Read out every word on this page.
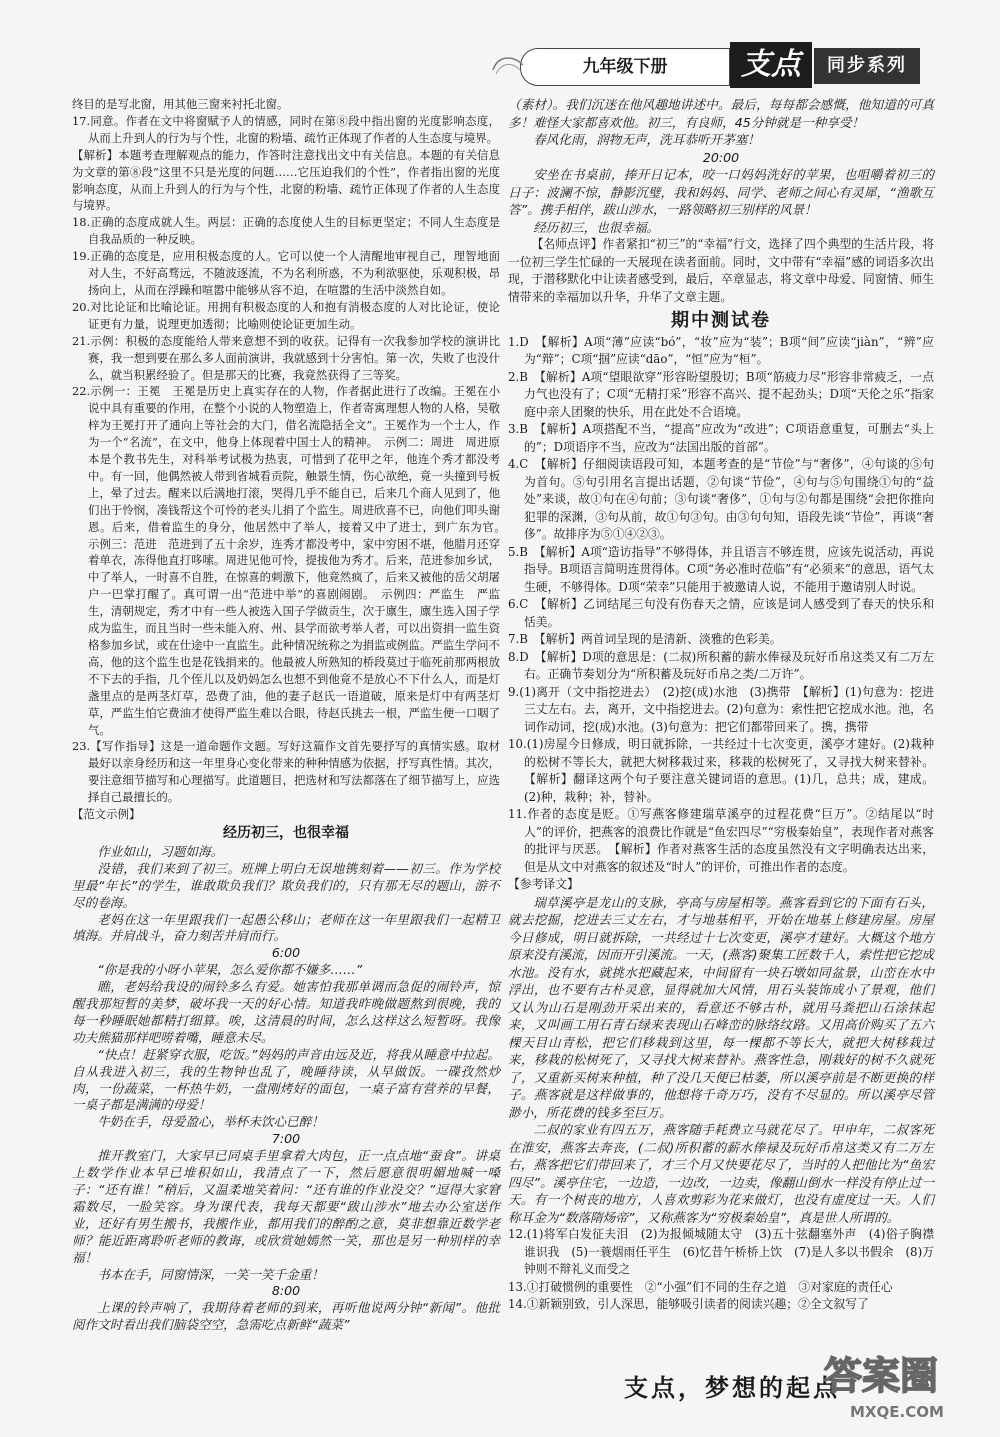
九年级下册	支点	同步系列

终目的是写北窗，用其他三窗来衬托北窗。

17.同意。作者在文中将窗赋予人的情感，同时在第⑧段中指出窗的光度影响态度，从而上升到人的行为与个性，北窗的粉墙、疏竹正体现了作者的人生态度与境界。

【解析】本题考查理解观点的能力，作答时注意找出文中有关信息。本题的有关信息为文章的第⑧段“这里不只是光度的问题……它压迫我们的个性”，作者指出窗的光度影响态度，从而上升到人的行为与个性，北窗的粉墙、疏竹正体现了作者的人生态度与境界。

18.正确的态度成就人生。两层：正确的态度使人生的目标更坚定；不同人生态度是自我品质的一种反映。

19.正确的态度是，应用积极态度的人。它可以使一个人清醒地审视自己，理智地面对人生，不好高骛远，不随波逐流，不为名利所惑，不为利欲驱使，乐观积极，昂扬向上，从而在浮躁和喧嚣中能够从容不迫，在喧嚣的生活中淡然自如。

20.对比论证和比喻论证。用拥有积极态度的人和抱有消极态度的人对比论证，使论证更有力量，说理更加透彻；比喻则使论证更加生动。

21.示例：积极的态度能给人带来意想不到的收获。记得有一次我参加学校的演讲比赛，我一想到要在那么多人面前演讲，我就感到十分害怕。第一次，失败了也没什么，就当积累经验了。但是那天的比赛，我竟然获得了三等奖。

22.示例一：王冕　王冕是历史上真实存在的人物，作者据此进行了改编。王冕在小说中具有重要的作用，在整个小说的人物塑造上，作者寄寓理想人物的人格，吴敬梓为王冕打开了通向上等社会的大门，借名流隐括全文”。王冕作为一个士人，作为一个“名流”，在文中，他身上体现着中国士人的精神。　示例二：周进　周进原本是个教书先生，对科举考试极为热衷，可惜到了花甲之年，他连个秀才都没考中。有一回，他偶然被人带到省城看贡院，触景生情，伤心欲绝，竟一头撞到号板上，晕了过去。醒来以后满地打滚，哭得几乎不能自已，后来几个商人见到了，他们出于怜悯，凑钱帮这个可怜的老头儿捐了个监生。周进欣喜不已，向他们叩头谢恩。后来，借着监生的身分，他居然中了举人，接着又中了进士，到广东为官。　示例三：范进　范进到了五十余岁，连秀才都没考中，家中穷困不堪，他腊月还穿着单衣，冻得他直打哆嗦。周进见他可怜，提拔他为秀才。后来，范进参加乡试，中了举人，一时喜不自胜，在惊喜的刺激下，他竟然疯了，后来又被他的岳父胡屠户一巴掌打醒了。真可谓一出“范进中举”的喜剧闹剧。　示例四：严监生　严监生，清朝规定，秀才中有一些人被选入国子学做贡生，次于廪生，廪生选入国子学成为监生，而且当时一些未能入府、州、县学而欲考举人者，可以出资捐一监生资格参加乡试，或在仕途中一直监生。此种情况统称之为捐监或例监。严监生学问不高，他的这个监生也是花钱捐来的。他最被人所熟知的桥段莫过于临死前那两根放不下去的手指，几个侄儿以及奶妈怎么也想不到他竟不是放心不下什么人，而是灯盏里点的是两茎灯草，恐费了油，他的妻子赵氏一语道破，原来是灯中有两茎灯草，严监生怕它费油才使得严监生难以合眼，待赵氏挑去一根，严监生便一口咽了气。

23.【写作指导】这是一道命题作文题。写好这篇作文首先要抒写的真情实感。取材最好以亲身经历和这一年里身心变化带来的种种情感为依据，抒写真性情。其次，要注意细节描写和心理描写。此道题目，把选材和写法都落在了细节描写上，应选择自己最擅长的。

【范文示例】

经历初三，也很幸福

作业如山，习题如海。

没错，我们来到了初三。班牌上明白无误地镌刻着——初三。作为学校里最“年长”的学生，谁敢欺负我们？欺负我们的，只有那无尽的题山，游不尽的卷海。

老妈在这一年里跟我们一起愚公移山；老师在这一年里跟我们一起精卫填海。并肩战斗，奋力刻苦并肩而行。

6:00

“你是我的小呀小苹果，怎么爱你都不嫌多……”

瞧，老妈给我设的闹铃多么有爱。她害怕我那单调而急促的闹铃声，惊醒我那短暂的美梦，破坏我一天的好心情。知道我昨晚做题熬到很晚，我的每一秒睡眠她都精打细算。唉，这清晨的时间，怎么这样这么短暂呀。我像功夫熊猫那样吧唠着嘴，睡意未尽。

“快点！赶紧穿衣服，吃饭。”妈妈的声音由远及近，将我从睡意中拉起。自从我进入初三，我的生物钟也乱了，晚睡待读，从早做饭。一碟孜然炒肉，一份蔬菜，一杯热牛奶，一盘刚烤好的面包，一桌子富有营养的早餐，一桌子都是满满的母爱！

牛奶在手，母爱盈心，举杯未饮心已醉！

7:00

推开教室门，大家早已同桌手里拿着大肉包，正一点点地“蚕食”。讲桌上数学作业本早已堆积如山，我清点了一下，然后愿意很明媚地喊一嗓子：“还有谁！”稍后，又温柔地笑着问：“还有谁的作业没交？”逗得大家窘霜数尽，一脸笑容。身为课代表，我每天都要“跋山涉水”地去办公室送作业，还好有男生搬书，我搬作业，都用我们的醉酌之意，莫非想靠近数学老师？能近距离聆听老师的教诲，或欣赏她嫣然一笑，那也是另一种别样的幸福！

书本在手，同窗情深，一笑一笑千金重！

8:00

上课的铃声响了，我期待着老师的到来，再听他说两分钟“新闻”。他批阅作文时看出我们脑袋空空，急需吃点新鲜“蔬菜”

（素材）。我们沉迷在他风趣地讲述中。最后，每每都会感慨，他知道的可真多！难怪大家都喜欢他。初三，有良师，45分钟就是一种享受！

春风化雨，润物无声，洗耳恭听开茅塞！

20:00

安坐在书桌前，捧开日记本，咬一口妈妈洗好的苹果，也咀嚼着初三的日子：波澜不惊，静影沉璧，我和妈妈、同学、老师之间心有灵犀，“渔歌互答”。携手相伴，跋山涉水，一路领略初三别样的风景！

经历初三，也很幸福。

【名师点评】作者紧扣“初三”的“幸福”行文，选择了四个典型的生活片段，将一位初三学生忙碌的一天展现在读者面前。同时，文中带有“幸福”感的词语多次出现，于潜移默化中让读者感受到，最后，卒章显志，将文章中母爱、同窗情、师生情带来的幸福加以升华，升华了文章主题。

期中测试卷

1.D　【解析】A项“薄”应读“bó”，“妆”应为“装”；B项“间”应读“jiàn”，“辨”应为“辩”；C项“掴”应读“dāo”，“恒”应为“桓”。

2.B　【解析】A项“望眼欲穿”形容盼望殷切；B项“筋疲力尽”形容非常疲乏，一点力气也没有了；C项“无精打采”形容不高兴、提不起劲头；D项“天伦之乐”指家庭中亲人团聚的快乐，用在此处不合语境。

3.B　【解析】A项搭配不当，“提高”应改为“改进”；C项语意重复，可删去“头上的”；D项语序不当，应改为“法国出版的首部”。

4.C　【解析】仔细阅读语段可知，本题考查的是“节俭”与“奢侈”，④句谈的⑤句为首句。⑤句引用名言提出话题，②句谈“节俭”，④句与⑤句围绕①句的“益处”来谈，故①句在④句前；③句谈“奢侈”，①句与②句都是围绕“会把你推向犯罪的深渊，③句从前，故①句③句。由③句句知，语段先谈“节俭”，再谈“奢侈”。故排序为⑤①④②③。

5.B　【解析】A项“造访指导”不够得体，并且语言不够连贯，应该先说活动，再说指导。B项语言简明连贯得体。C项“务必准时莅临”有“必须来”的意思，语气太生硬，不够得体。D项“荣幸”只能用于被邀请人说，不能用于邀请别人时说。

6.C　【解析】乙词结尾三句没有伤春天之情，应该是词人感受到了春天的快乐和恬美。

7.B　【解析】两首词呈现的是清新、淡雅的色彩美。

8.D　【解析】D项的意思是：(二叔)所积蓄的薪水俸禄及玩好币帛这类又有二万左右。正确节奏划分为“所积蓄及玩好币帛之类/二万许”。

9.(1)离开（文中指挖进去）　(2)挖(成)水池　(3)携带　【解析】(1)句意为：挖进三丈左右。去，离开，文中指挖进去。(2)句意为：索性把它挖成水池。池，名词作动词，挖(成)水池。(3)句意为：把它们都带回来了。携，携带

10.(1)房屋今日修成，明日就拆除，一共经过十七次变更，溪亭才建好。(2)栽种的松树不等长大，就把大树移栽过来，移栽的松树死了，又寻找大树来替补。【解析】翻译这两个句子要注意关键词语的意思。(1)几，总共；成，建成。(2)种，栽种；补，替补。

11.作者的态度是贬。①写燕客修建瑞草溪亭的过程花费“巨万”。②结尾以“时人”的评价，把燕客的浪费比作就是“鱼宏四尽”“穷极秦始皇”，表现作者对燕客的批评与厌恶。　【解析】作者对燕客生活的态度虽然没有文字明确表达出来，但是从文中对燕客的叙述及“时人”的评价，可推出作者的态度。

【参考译文】

瑞草溪亭是龙山的支脉，亭高与房屋相等。燕客看到它的下面有石头，就去挖掘，挖进去三丈左右，才与地基相平，开始在地基上修建房屋。房屋今日修成，明日就拆除，一共经过十七次变更，溪亭才建好。大概这个地方原来没有溪流，因而开引溪流。一天，(燕客)聚集工匠数千人，索性把它挖成水池。没有水，就挑水把藏起来，中间留有一块石墩如同盆景，山峦在水中浮出，也不要有古朴灵意，显得就加大风情，用石头装饰成小了景观，他们又认为山石是刚劲开采出来的，看意还不够古朴，就用马粪把山石涂抹起来，又叫画工用石青石绿来表现山石峰峦的脉络纹路。又用高价购买了五六棵天目山青松，把它们移栽到这里，每一棵都不等长大，就把大树移栽过来，移栽的松树死了，又寻找大树来替补。燕客性急，刚栽好的树不久就死了，又重新买树来种植，种了没几天便已枯萎，所以溪亭前是不断更换的样子。燕客就是这样做事的，他想将千奇万巧，没有不尽显的。所以溪亭尽管渺小，所花费的钱多至巨万。

二叔的家业有四五万，燕客随手耗费立马就花尽了。甲申年，二叔客死在淮安，燕客去奔丧，(二叔)所积蓄的薪水俸禄及玩好币帛这类又有二万左右，燕客把它们带回来了，才三个月又快要花尽了，当时的人把他比为“鱼宏四尽”。溪亭住宅，一边造，一边改，一边卖，像翻山倒水一样没有停止过一天。有一个树丧的地方，人喜欢剪彩为花来做灯，也没有虚度过一天。人们称耳金为“数落隋炀帝”，又称燕客为“穷极秦始皇”，真是世人所谓的。

12.(1)将军白发征夫泪　(2)为报倾城随太守　(3)五十弦翻塞外声　(4)俗子胸襟谁识我　(5)一蓑烟雨任平生　(6)忆昔午桥桥上饮　(7)是人多以书假余　(8)万钟则不辩礼义而受之

13.①打破惯例的重要性　②“小强”们不同的生存之道　③对家庭的责任心

14.①新颖别致，引人深思，能够吸引读者的阅读兴趣；②全文叙写了

支点，梦想的起点
答案圈
MXQE.COM
